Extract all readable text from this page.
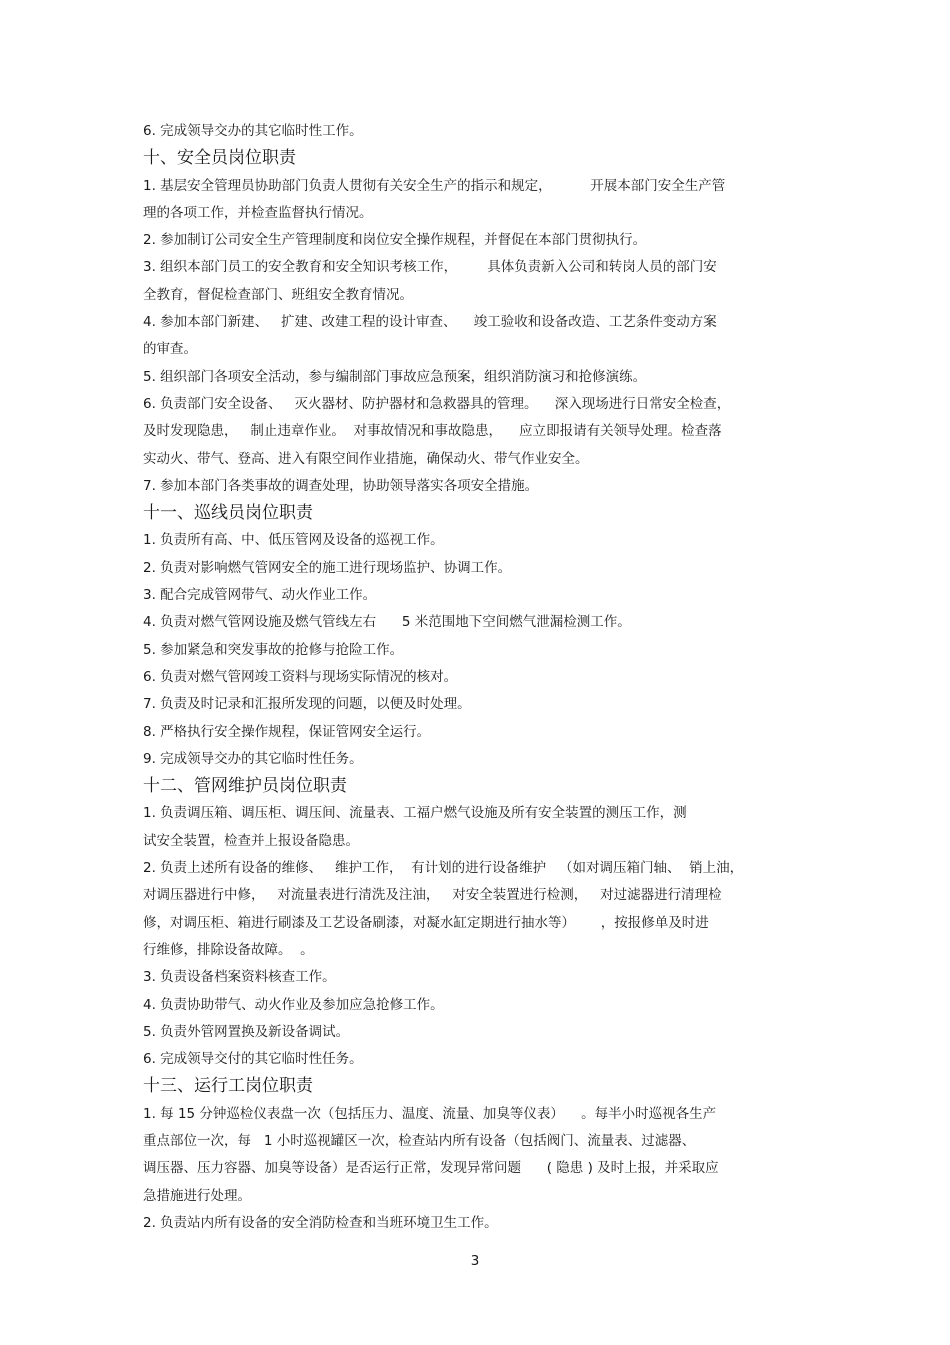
6. 完成领导交办的其它临时性工作。
十、安全员岗位职责
1. 基层安全管理员协助部门负责人贯彻有关安全生产的指示和规定，         开展本部门安全生产管
理的各项工作，并检查监督执行情况。
2. 参加制订公司安全生产管理制度和岗位安全操作规程，并督促在本部门贯彻执行。
3. 组织本部门员工的安全教育和安全知识考核工作，       具体负责新入公司和转岗人员的部门安
全教育，督促检查部门、班组安全教育情况。
4. 参加本部门新建、   扩建、改建工程的设计审查、    竣工验收和设备改造、工艺条件变动方案
的审查。
5. 组织部门各项安全活动，参与编制部门事故应急预案，组织消防演习和抢修演练。
6. 负责部门安全设备、   灭火器材、防护器材和急救器具的管理。    深入现场进行日常安全检查，
及时发现隐患，   制止违章作业。  对事故情况和事故隐患，    应立即报请有关领导处理。检查落
实动火、带气、登高、进入有限空间作业措施，确保动火、带气作业安全。
7. 参加本部门各类事故的调查处理，协助领导落实各项安全措施。
十一、巡线员岗位职责
1. 负责所有高、中、低压管网及设备的巡视工作。
2. 负责对影响燃气管网安全的施工进行现场监护、协调工作。
3. 配合完成管网带气、动火作业工作。
4. 负责对燃气管网设施及燃气管线左右      5 米范围地下空间燃气泄漏检测工作。
5. 参加紧急和突发事故的抢修与抢险工作。
6. 负责对燃气管网竣工资料与现场实际情况的核对。
7. 负责及时记录和汇报所发现的问题，以便及时处理。
8. 严格执行安全操作规程，保证管网安全运行。
9. 完成领导交办的其它临时性任务。
十二、管网维护员岗位职责
1. 负责调压箱、调压柜、调压间、流量表、工福户燃气设施及所有安全装置的测压工作，测
试安全装置，检查并上报设备隐患。
2. 负责上述所有设备的维修、   维护工作，  有计划的进行设备维护   （如对调压箱门轴、  销上油，
对调压器进行中修，   对流量表进行清洗及注油，   对安全装置进行检测，   对过滤器进行清理检
修，对调压柜、箱进行刷漆及工艺设备刷漆，对凝水缸定期进行抽水等）      ，按报修单及时进
行维修，排除设备故障。  。
3. 负责设备档案资料核查工作。
4. 负责协助带气、动火作业及参加应急抢修工作。
5. 负责外管网置换及新设备调试。
6. 完成领导交付的其它临时性任务。
十三、运行工岗位职责
1. 每 15 分钟巡检仪表盘一次（包括压力、温度、流量、加臭等仪表）    。每半小时巡视各生产
重点部位一次，每   1 小时巡视罐区一次，检查站内所有设备（包括阀门、流量表、过滤器、
调压器、压力容器、加臭等设备）是否运行正常，发现异常问题      ( 隐患 ) 及时上报，并采取应
急措施进行处理。
2. 负责站内所有设备的安全消防检查和当班环境卫生工作。
3
